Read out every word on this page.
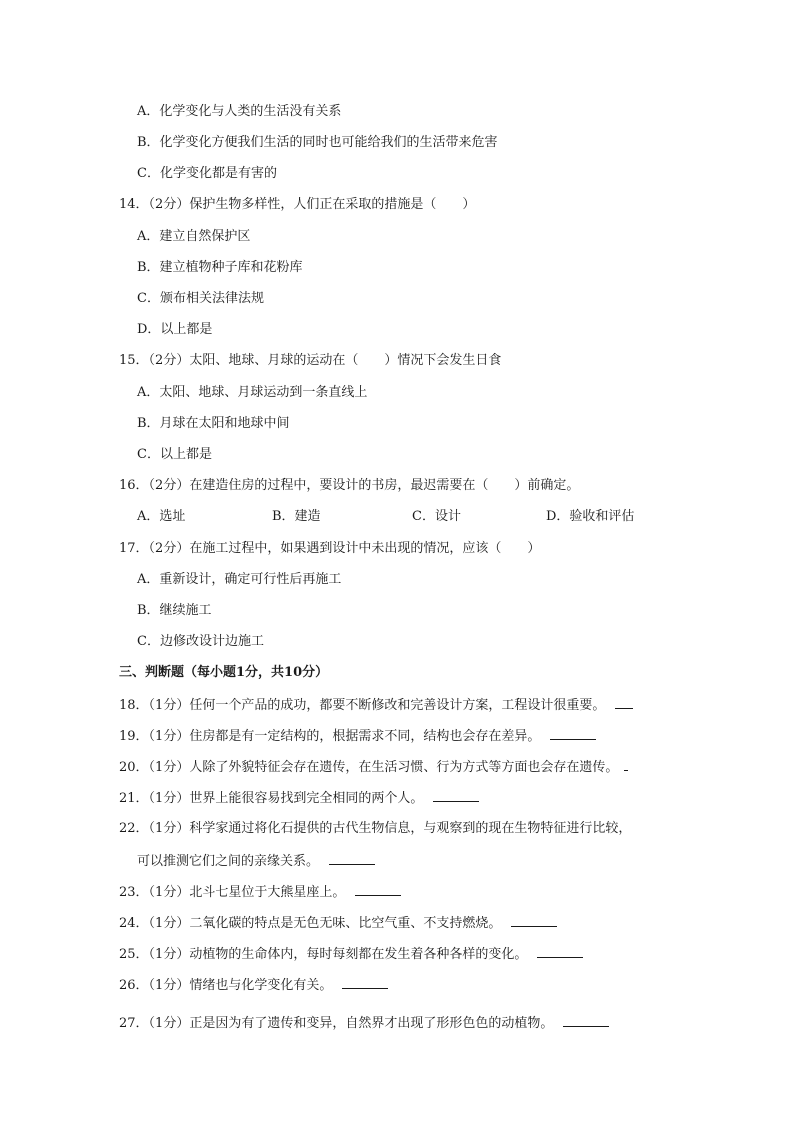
A．化学变化与人类的生活没有关系
B．化学变化方便我们生活的同时也可能给我们的生活带来危害
C．化学变化都是有害的
14．（2分）保护生物多样性，人们正在采取的措施是（　　）
A．建立自然保护区
B．建立植物种子库和花粉库
C．颁布相关法律法规
D．以上都是
15．（2分）太阳、地球、月球的运动在（　　）情况下会发生日食
A．太阳、地球、月球运动到一条直线上
B．月球在太阳和地球中间
C．以上都是
16．（2分）在建造住房的过程中，要设计的书房，最迟需要在（　　）前确定。
A．选址	B．建造	C．设计	D．验收和评估
17．（2分）在施工过程中，如果遇到设计中未出现的情况，应该（　　）
A．重新设计，确定可行性后再施工
B．继续施工
C．边修改设计边施工
三、判断题（每小题1分，共10分）
18．（1分）任何一个产品的成功，都要不断修改和完善设计方案，工程设计很重要。
19．（1分）住房都是有一定结构的，根据需求不同，结构也会存在差异。
20．（1分）人除了外貌特征会存在遗传，在生活习惯、行为方式等方面也会存在遗传。
21．（1分）世界上能很容易找到完全相同的两个人。
22．（1分）科学家通过将化石提供的古代生物信息，与观察到的现在生物特征进行比较，
可以推测它们之间的亲缘关系。
23．（1分）北斗七星位于大熊星座上。
24．（1分）二氧化碳的特点是无色无味、比空气重、不支持燃烧。
25．（1分）动植物的生命体内，每时每刻都在发生着各种各样的变化。
26．（1分）情绪也与化学变化有关。
27．（1分）正是因为有了遗传和变异，自然界才出现了形形色色的动植物。
